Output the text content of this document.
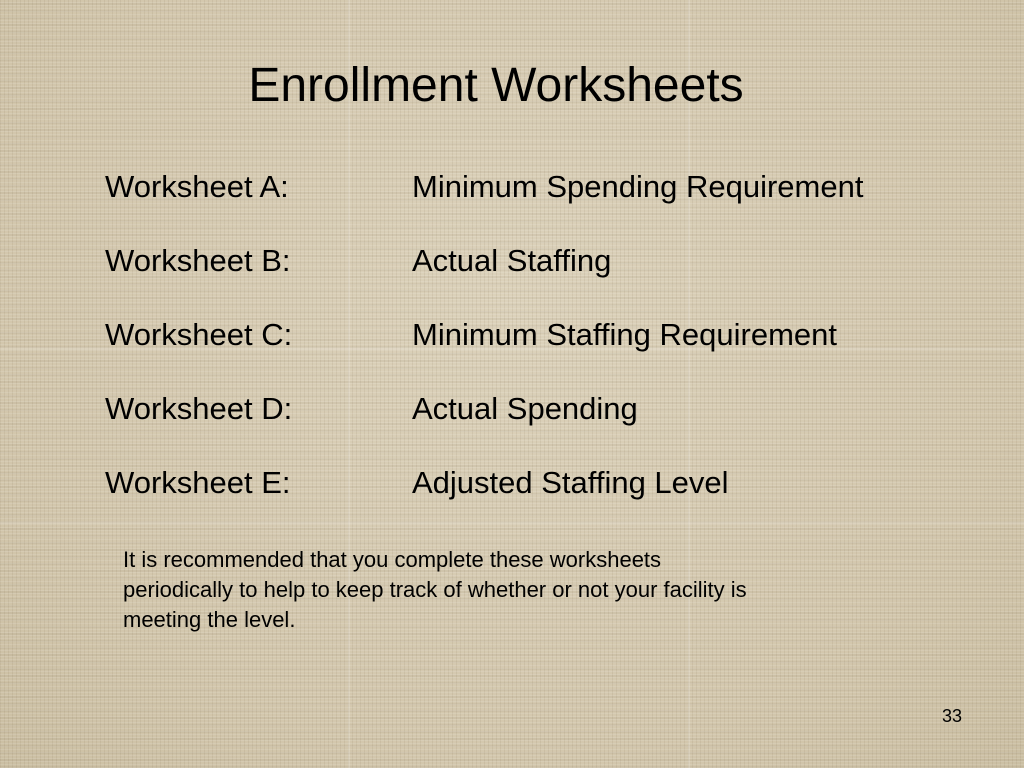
Enrollment Worksheets
Worksheet A:	Minimum Spending Requirement
Worksheet B:	Actual Staffing
Worksheet C:	Minimum Staffing Requirement
Worksheet D:	Actual Spending
Worksheet E:	Adjusted Staffing Level
It is recommended that you complete these worksheets
periodically to help to keep track of whether or not your facility is
meeting the level.
33
